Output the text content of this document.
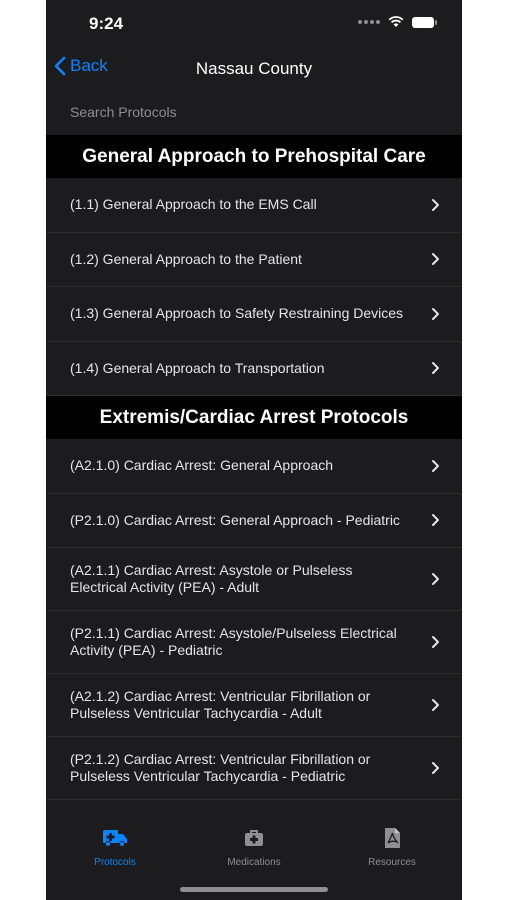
9:24
Back	Nassau County
Search Protocols
General Approach to Prehospital Care
(1.1) General Approach to the EMS Call
(1.2) General Approach to the Patient
(1.3) General Approach to Safety Restraining Devices
(1.4) General Approach to Transportation
Extremis/Cardiac Arrest Protocols
(A2.1.0) Cardiac Arrest: General Approach
(P2.1.0) Cardiac Arrest: General Approach - Pediatric
(A2.1.1) Cardiac Arrest: Asystole or Pulseless Electrical Activity (PEA) - Adult
(P2.1.1) Cardiac Arrest: Asystole/Pulseless Electrical Activity (PEA) - Pediatric
(A2.1.2) Cardiac Arrest: Ventricular Fibrillation or Pulseless Ventricular Tachycardia - Adult
(P2.1.2) Cardiac Arrest: Ventricular Fibrillation or Pulseless Ventricular Tachycardia - Pediatric
Protocols	Medications	Resources
